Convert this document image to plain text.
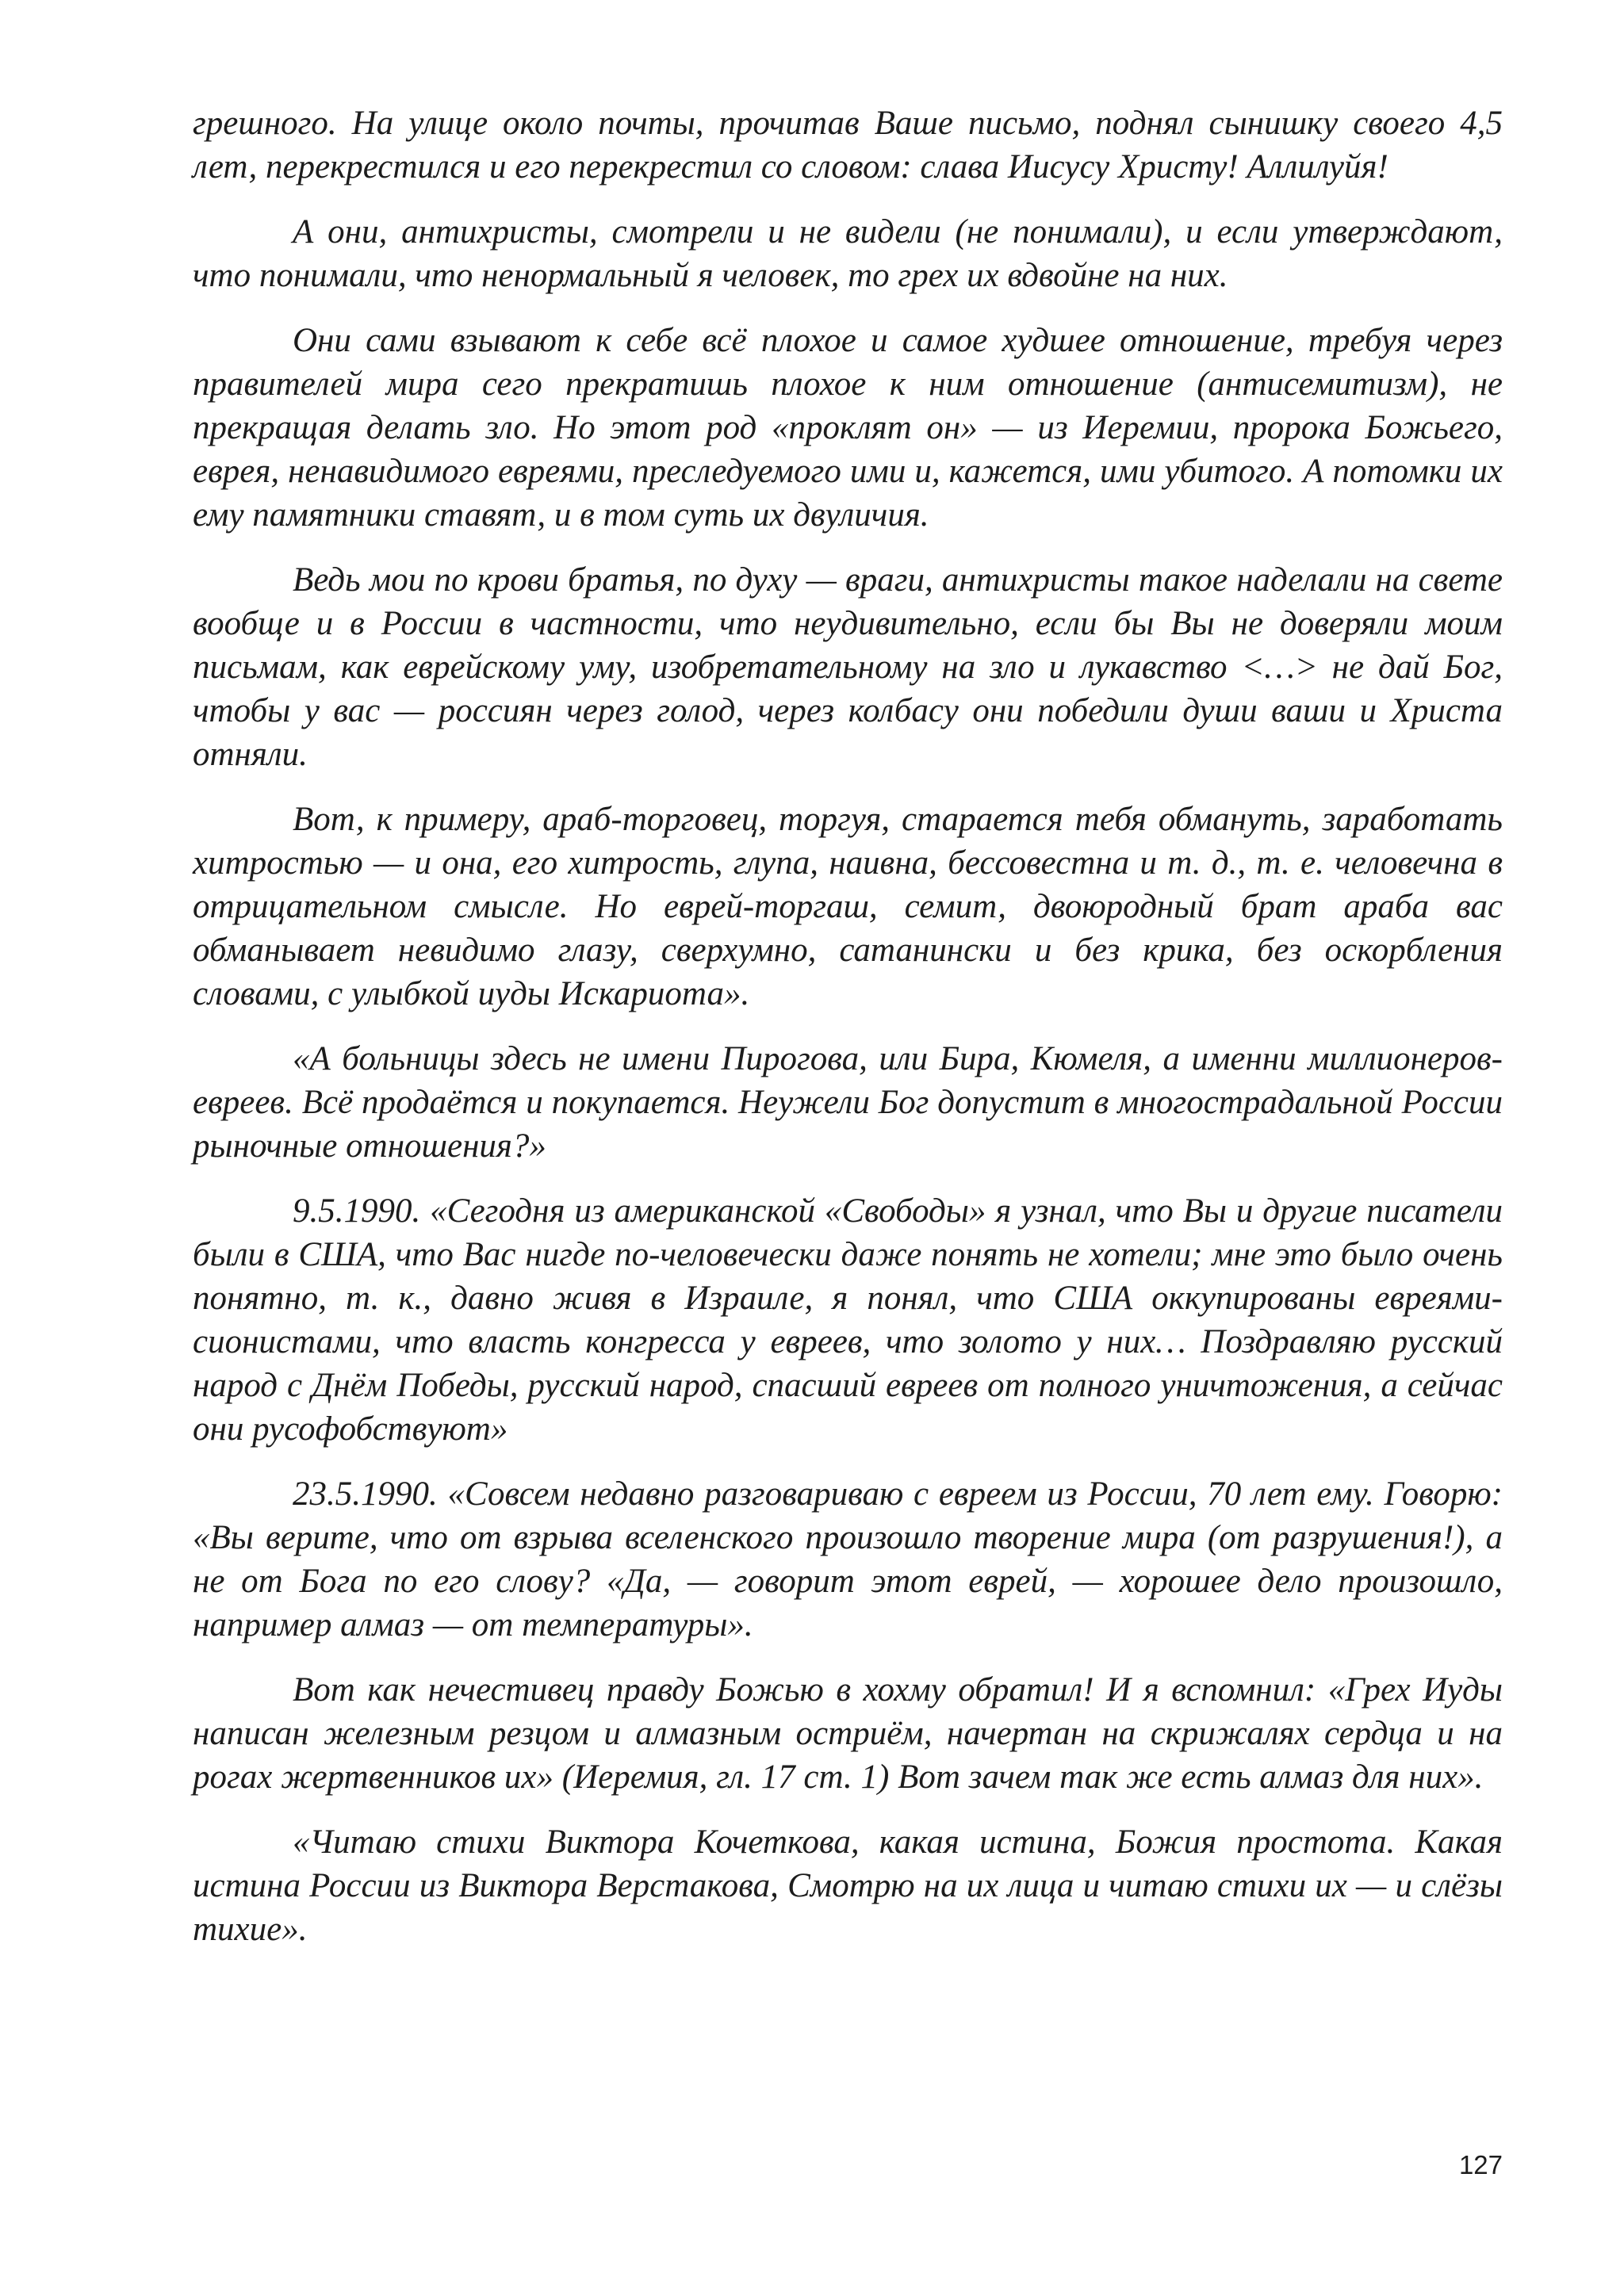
грешного. На улице около почты, прочитав Ваше письмо, поднял сынишку своего 4,5 лет, перекрестился и его перекрестил со словом: слава Иисусу Христу! Аллилуйя!

А они, антихристы, смотрели и не видели (не понимали), и если утверждают, что понимали, что ненормальный я человек, то грех их вдвойне на них.

Они сами взывают к себе всё плохое и самое худшее отношение, требуя через правителей мира сего прекратишь плохое к ним отношение (антисемитизм), не прекращая делать зло. Но этот род «проклят он» — из Иеремии, пророка Божьего, еврея, ненавидимого евреями, преследуемого ими и, кажется, ими убитого. А потомки их ему памятники ставят, и в том суть их двуличия.

Ведь мои по крови братья, по духу — враги, антихристы такое наделали на свете вообще и в России в частности, что неудивительно, если бы Вы не доверяли моим письмам, как еврейскому уму, изобретательному на зло и лукавство <…> не дай Бог, чтобы у вас — россиян через голод, через колбасу они победили души ваши и Христа отняли.

Вот, к примеру, араб-торговец, торгуя, старается тебя обмануть, заработать хитростью — и она, его хитрость, глупа, наивна, бессовестна и т. д., т. е. человечна в отрицательном смысле. Но еврей-торгаш, семит, двоюродный брат араба вас обманывает невидимо глазу, сверхумно, сатанински и без крика, без оскорбления словами, с улыбкой иуды Искариота».

«А больницы здесь не имени Пирогова, или Бира, Кюмеля, а именни миллионеров-евреев. Всё продаётся и покупается. Неужели Бог допустит в многострадальной России рыночные отношения?»

9.5.1990. «Сегодня из американской «Свободы» я узнал, что Вы и другие писатели были в США, что Вас нигде по-человечески даже понять не хотели; мне это было очень понятно, т. к., давно живя в Израиле, я понял, что США оккупированы евреями-сионистами, что власть конгресса у евреев, что золото у них… Поздравляю русский народ с Днём Победы, русский народ, спасший евреев от полного уничтожения, а сейчас они русофобствуют»

23.5.1990. «Совсем недавно разговариваю с евреем из России, 70 лет ему. Говорю: «Вы верите, что от взрыва вселенского произошло творение мира (от разрушения!), а не от Бога по его слову? «Да, — говорит этот еврей, — хорошее дело произошло, например алмаз — от температуры».

Вот как нечестивец правду Божью в хохму обратил! И я вспомнил: «Грех Иуды написан железным резцом и алмазным остриём, начертан на скрижалях сердца и на рогах жертвенников их» (Иеремия, гл. 17 ст. 1) Вот зачем так же есть алмаз для них».

«Читаю стихи Виктора Кочеткова, какая истина, Божия простота. Какая истина России из Виктора Верстакова, Смотрю на их лица и читаю стихи их — и слёзы тихие».

127
